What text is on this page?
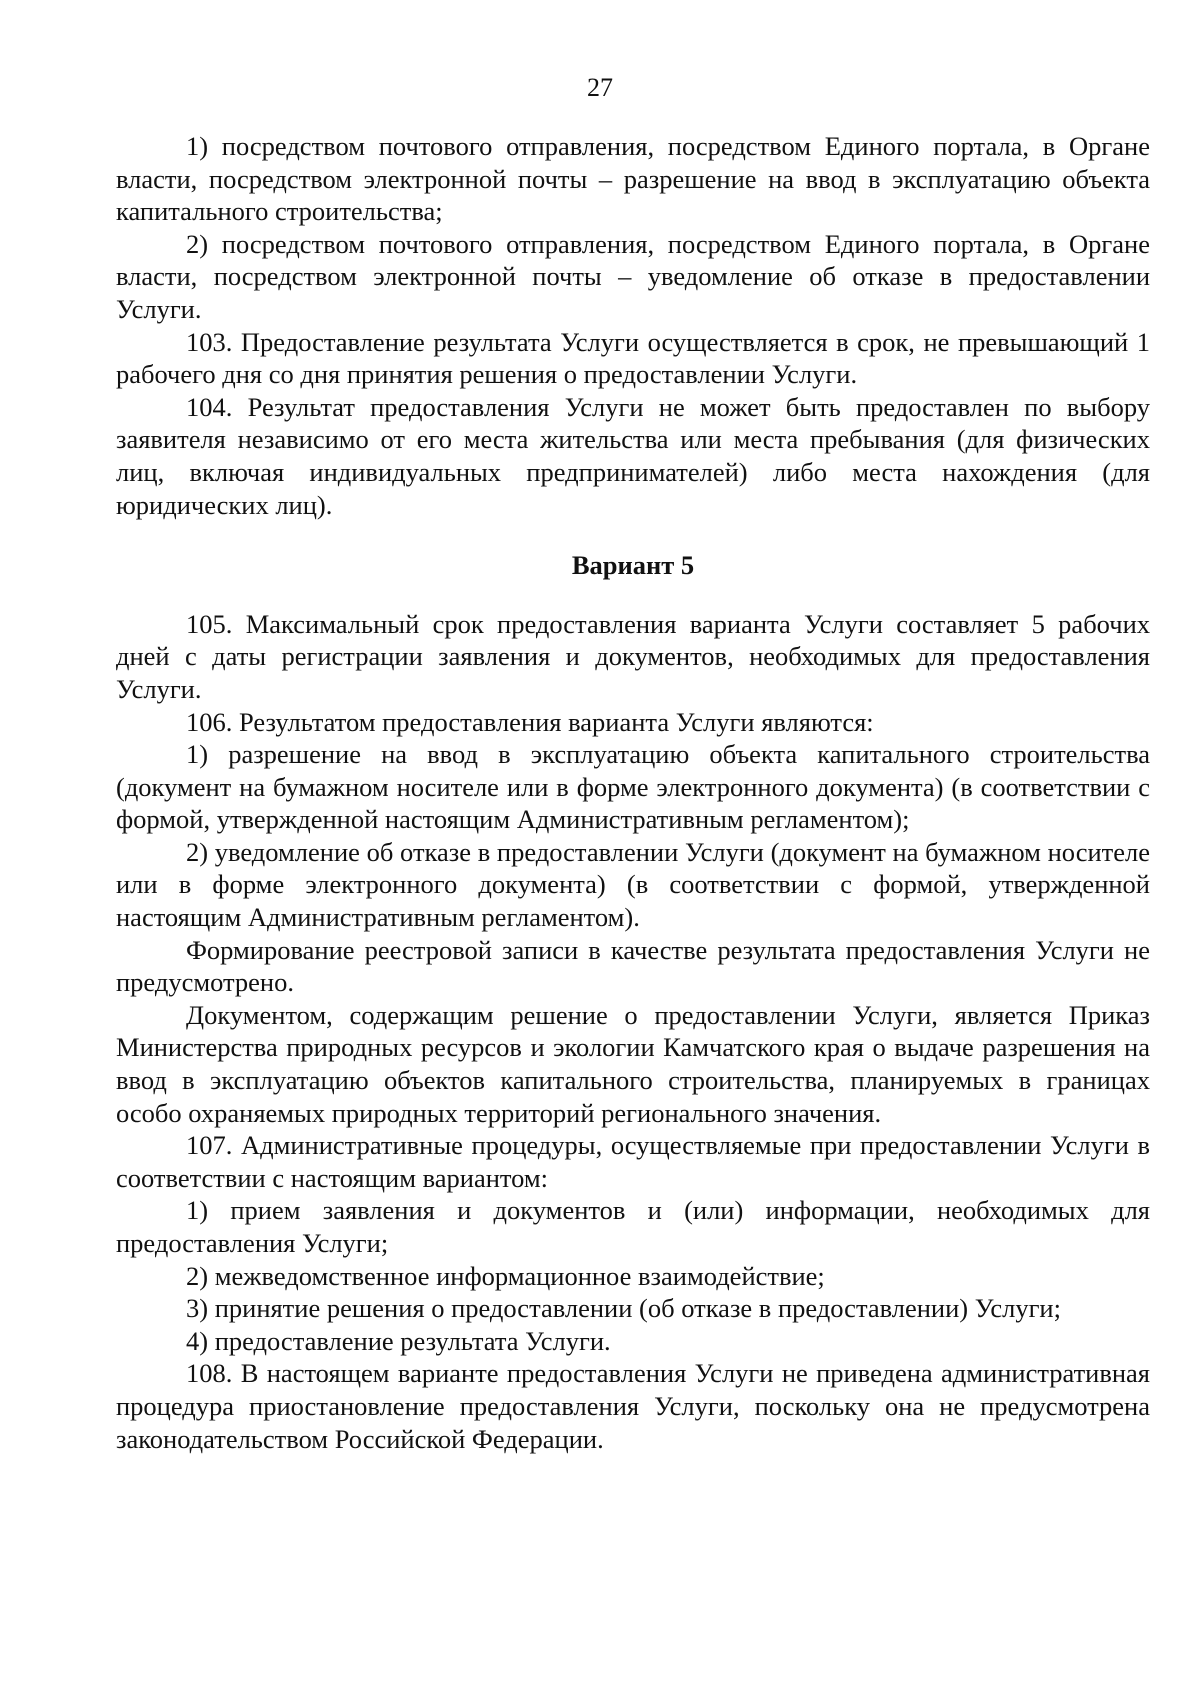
27

1) посредством почтового отправления, посредством Единого портала, в Органе власти, посредством электронной почты – разрешение на ввод в эксплуатацию объекта капитального строительства;

2) посредством почтового отправления, посредством Единого портала, в Органе власти, посредством электронной почты – уведомление об отказе в предоставлении Услуги.

103. Предоставление результата Услуги осуществляется в срок, не превышающий 1 рабочего дня со дня принятия решения о предоставлении Услуги.

104. Результат предоставления Услуги не может быть предоставлен по выбору заявителя независимо от его места жительства или места пребывания (для физических лиц, включая индивидуальных предпринимателей) либо места нахождения (для юридических лиц).

Вариант 5

105. Максимальный срок предоставления варианта Услуги составляет 5 рабочих дней с даты регистрации заявления и документов, необходимых для предоставления Услуги.

106. Результатом предоставления варианта Услуги являются:

1) разрешение на ввод в эксплуатацию объекта капитального строительства (документ на бумажном носителе или в форме электронного документа) (в соответствии с формой, утвержденной настоящим Административным регламентом);

2) уведомление об отказе в предоставлении Услуги (документ на бумажном носителе или в форме электронного документа) (в соответствии с формой, утвержденной настоящим Административным регламентом).

Формирование реестровой записи в качестве результата предоставления Услуги не предусмотрено.

Документом, содержащим решение о предоставлении Услуги, является Приказ Министерства природных ресурсов и экологии Камчатского края о выдаче разрешения на ввод в эксплуатацию объектов капитального строительства, планируемых в границах особо охраняемых природных территорий регионального значения.

107. Административные процедуры, осуществляемые при предоставлении Услуги в соответствии с настоящим вариантом:

1) прием заявления и документов и (или) информации, необходимых для предоставления Услуги;

2) межведомственное информационное взаимодействие;

3) принятие решения о предоставлении (об отказе в предоставлении) Услуги;

4) предоставление результата Услуги.

108. В настоящем варианте предоставления Услуги не приведена административная процедура приостановление предоставления Услуги, поскольку она не предусмотрена законодательством Российской Федерации.
